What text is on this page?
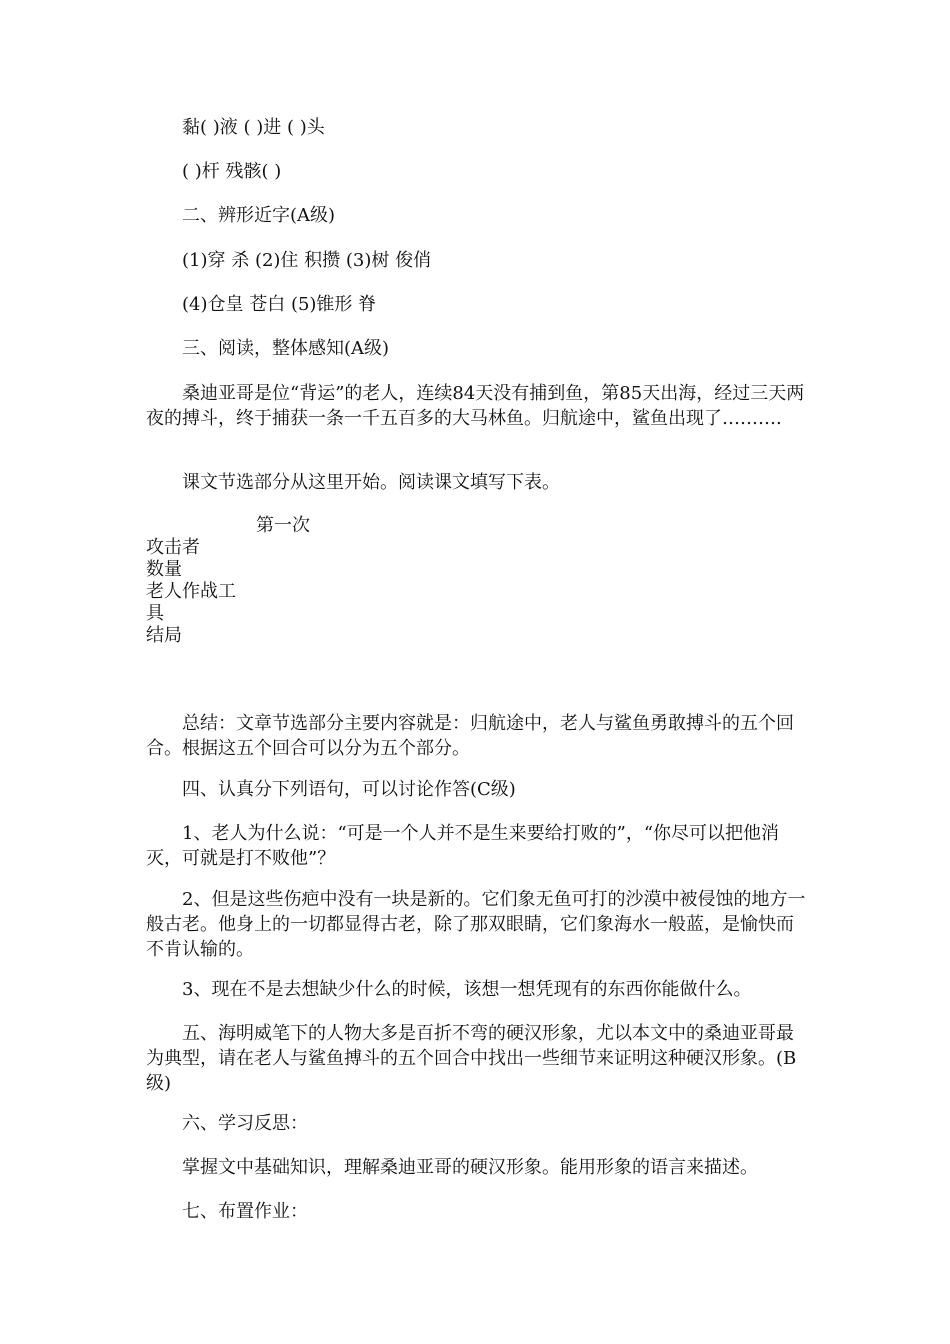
黏( )液 ( )进 ( )头

( )杆 残骸( )

二、辨形近字(A级)

(1)穿 杀 (2)住 积攒 (3)树 俊俏

(4)仓皇 苍白 (5)锥形 脊

三、阅读，整体感知(A级)

桑迪亚哥是位“背运”的老人，连续84天没有捕到鱼，第85天出海，经过三天两夜的搏斗，终于捕获一条一千五百多的大马林鱼。归航途中，鲨鱼出现了……….

课文节选部分从这里开始。阅读课文填写下表。

第一次
攻击者
数量
老人作战工
具
结局

总结：文章节选部分主要内容就是：归航途中，老人与鲨鱼勇敢搏斗的五个回合。根据这五个回合可以分为五个部分。

四、认真分下列语句，可以讨论作答(C级)

1、老人为什么说：“可是一个人并不是生来要给打败的”，“你尽可以把他消灭，可就是打不败他”？

2、但是这些伤疤中没有一块是新的。它们象无鱼可打的沙漠中被侵蚀的地方一般古老。他身上的一切都显得古老，除了那双眼睛，它们象海水一般蓝，是愉快而不肯认输的。

3、现在不是去想缺少什么的时候，该想一想凭现有的东西你能做什么。

五、海明威笔下的人物大多是百折不弯的硬汉形象，尤以本文中的桑迪亚哥最为典型，请在老人与鲨鱼搏斗的五个回合中找出一些细节来证明这种硬汉形象。(B级)

六、学习反思：

掌握文中基础知识，理解桑迪亚哥的硬汉形象。能用形象的语言来描述。

七、布置作业：
